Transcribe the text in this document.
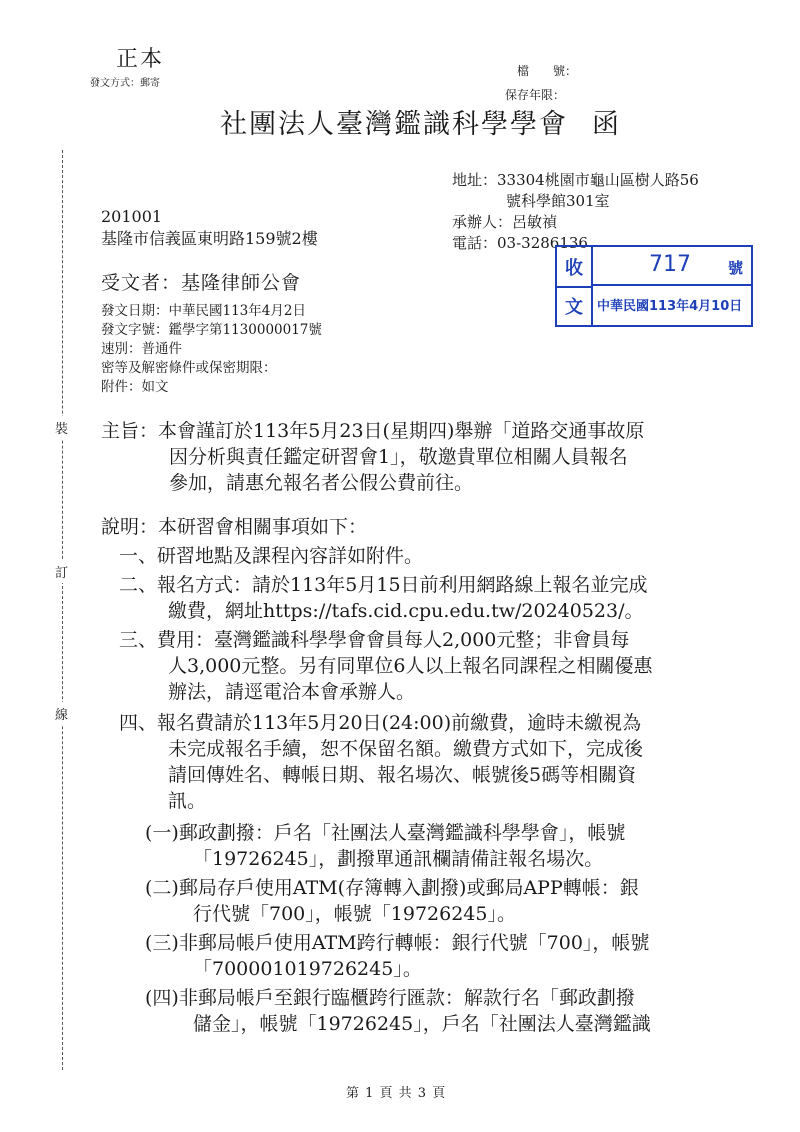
正本
發文方式：郵寄
檔　　號：
保存年限：
社團法人臺灣鑑識科學學會 函
裝
訂
線
地址：33304桃園市龜山區樹人路56
號科學館301室
承辦人：呂敏禎
電話：03-3286136
201001
基隆市信義區東明路159號2樓
受文者：基隆律師公會
發文日期：中華民國113年4月2日
發文字號：鑑學字第1130000017號
速別：普通件
密等及解密條件或保密期限：
附件：如文
收
文
717 號
中華民國113年4月10日
主旨：本會謹訂於113年5月23日(星期四)舉辦「道路交通事故原
因分析與責任鑑定研習會1」，敬邀貴單位相關人員報名
參加，請惠允報名者公假公費前往。
說明：本研習會相關事項如下：
一、研習地點及課程內容詳如附件。
二、報名方式：請於113年5月15日前利用網路線上報名並完成
繳費，網址https://tafs.cid.cpu.edu.tw/20240523/。
三、費用：臺灣鑑識科學學會會員每人2,000元整；非會員每
人3,000元整。另有同單位6人以上報名同課程之相關優惠
辦法，請逕電洽本會承辦人。
四、報名費請於113年5月20日(24:00)前繳費，逾時未繳視為
未完成報名手續，恕不保留名額。繳費方式如下，完成後
請回傳姓名、轉帳日期、報名場次、帳號後5碼等相關資
訊。
(一)郵政劃撥：戶名「社團法人臺灣鑑識科學學會」，帳號
「19726245」，劃撥單通訊欄請備註報名場次。
(二)郵局存戶使用ATM(存簿轉入劃撥)或郵局APP轉帳：銀
行代號「700」，帳號「19726245」。
(三)非郵局帳戶使用ATM跨行轉帳：銀行代號「700」，帳號
「700001019726245」。
(四)非郵局帳戶至銀行臨櫃跨行匯款：解款行名「郵政劃撥
儲金」，帳號「19726245」，戶名「社團法人臺灣鑑識
第 1 頁 共 3 頁
